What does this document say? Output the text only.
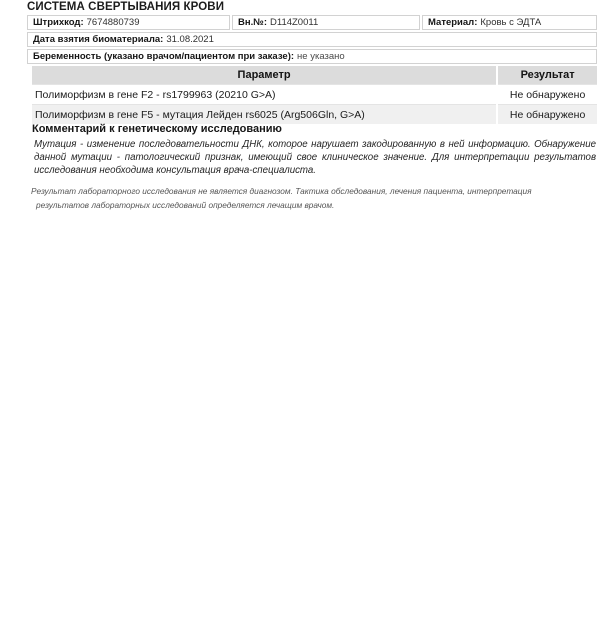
СИСТЕМА СВЕРТЫВАНИЯ КРОВИ
Штрихкод: 7674880739	Вн.№: D114Z0011	Материал: Кровь с ЭДТА
Дата взятия биоматериала: 31.08.2021
Беременность (указано врачом/пациентом при заказе): не указано
Параметр	Результат
Полиморфизм в гене F2 - rs1799963 (20210 G>A)	Не обнаружено
Полиморфизм в гене F5 - мутация Лейден rs6025 (Arg506Gln, G>A)	Не обнаружено
Комментарий к генетическому исследованию
Мутация - изменение последовательности ДНК, которое нарушает закодированную в ней информацию. Обнаружение данной мутации - патологический признак, имеющий свое клиническое значение. Для интерпретации результатов исследования необходима консультация врача-специалиста.
Результат лабораторного исследования не является диагнозом. Тактика обследования, лечения пациента, интерпретация
результатов лабораторных исследований определяется лечащим врачом.
